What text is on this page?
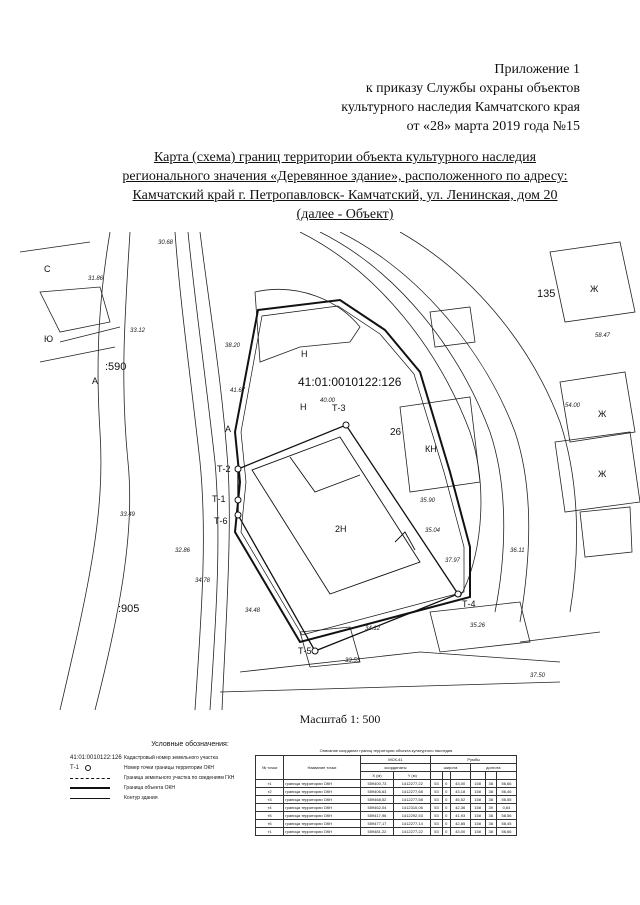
Приложение 1
к приказу Службы охраны объектов
культурного наследия Камчатского края
от «28» марта 2019 года №15
Карта (схема) границ территории объекта культурного наследия
регионального значения «Деревянное здание», расположенного по адресу:
Камчатский край г. Петропавловск- Камчатский, ул. Ленинская, дом 20
(далее - Объект)
41:01:0010122:126
Т-1
Т-2
Т-3
Т-4
Т-5
Т-6
Н
Н
КН
Ж
Ж
Ж
2Н
135
26
:590
:905
А
А
С
Ю
40.00
35.04
37.97
34.48
33.53
32.86
31.86
30.68
38.20
41.67
35.90
37.50
54.00
58.47
33.49
34.78
35.26
33.12
36.11
34.12
Масштаб 1: 500
Условные обозначения:
41:01:0010122:126 Кадастровый номер земельного участка
Т-1	Номер точки границы территории ОКН
Граница земельного участка по сведениям ГКН
Граница объекта ОКН
Контур здания
Описание координат границ территории объекта культурного наследия
№ точки	Название точки	МСК-41		Румбы					
		координаты		широта			долгота		
		X (м)	Y (м)						
т1	граница территории ОКН	559400,73	1412277,22	53	0	43,00	158	38	56,66
т2	граница территории ОКН	559406,63	1412277,68	53	0	43,18	158	38	56,46
т3	граница территории ОКН	559468,52	1412277,58	53	0	45,52	158	38	56,55
т4	граница территории ОКН	559462,04	1412310,06	53	0	42,36	158	39	0,64
т5	граница территории ОКН	559417,96	1412292,53	53	0	41,93	158	38	58,56
т6	граница территории ОКН	559477,17	1412277,14	53	0	42,85	158	38	58,45
т1	граница территории ОКН	559481,22	1412277,22	53	0	43,00	158	38	56,66
